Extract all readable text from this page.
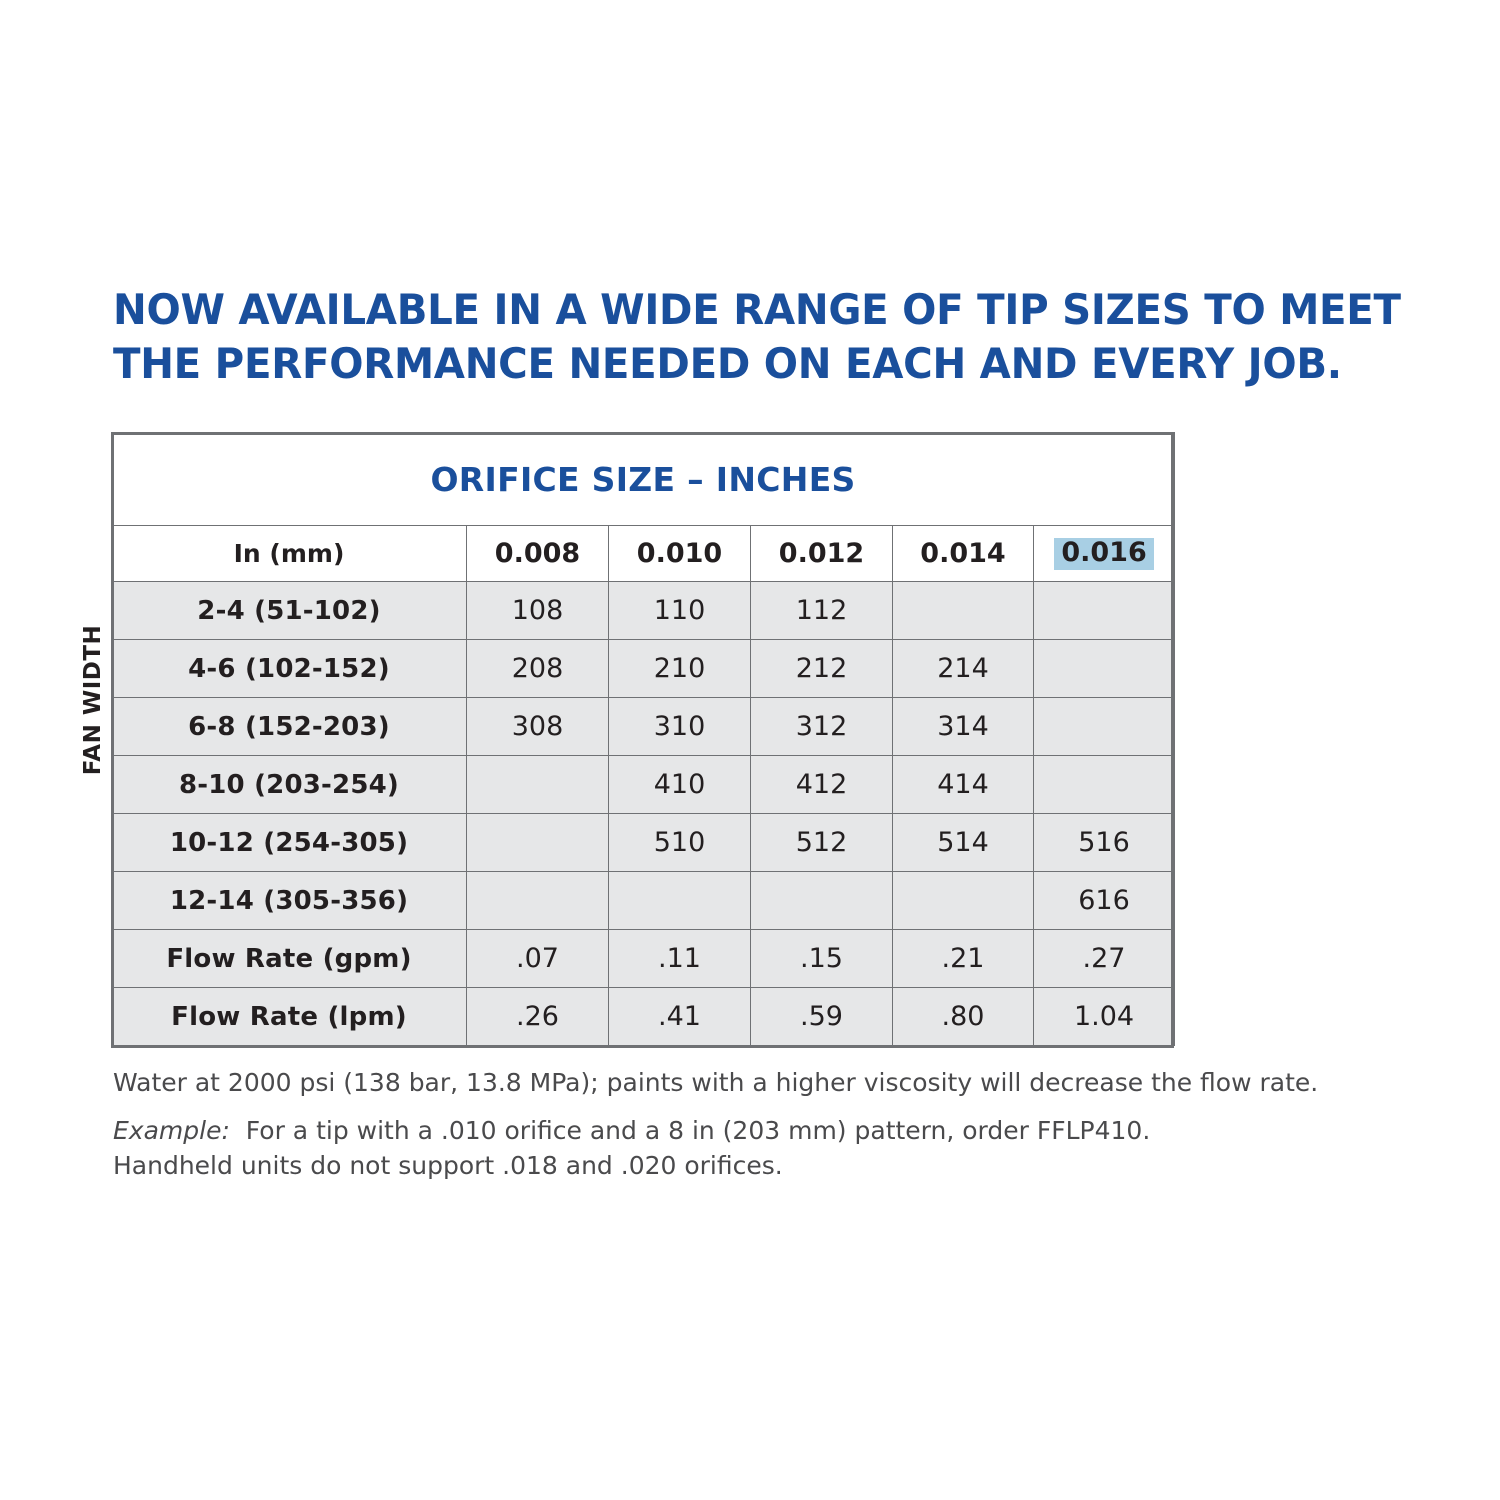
NOW AVAILABLE IN A WIDE RANGE OF TIP SIZES TO MEET
THE PERFORMANCE NEEDED ON EACH AND EVERY JOB.
FAN WIDTH
ORIFICE SIZE – INCHES					
In (mm)	0.008	0.010	0.012	0.014	0.016
2-4 (51-102)	108	110	112		
4-6 (102-152)	208	210	212	214	
6-8 (152-203)	308	310	312	314	
8-10 (203-254)		410	412	414	
10-12 (254-305)		510	512	514	516
12-14 (305-356)					616
Flow Rate (gpm)	.07	.11	.15	.21	.27
Flow Rate (lpm)	.26	.41	.59	.80	1.04
Water at 2000 psi (138 bar, 13.8 MPa); paints with a higher viscosity will decrease the flow rate.
Example: For a tip with a .010 orifice and a 8 in (203 mm) pattern, order FFLP410.
Handheld units do not support .018 and .020 orifices.
